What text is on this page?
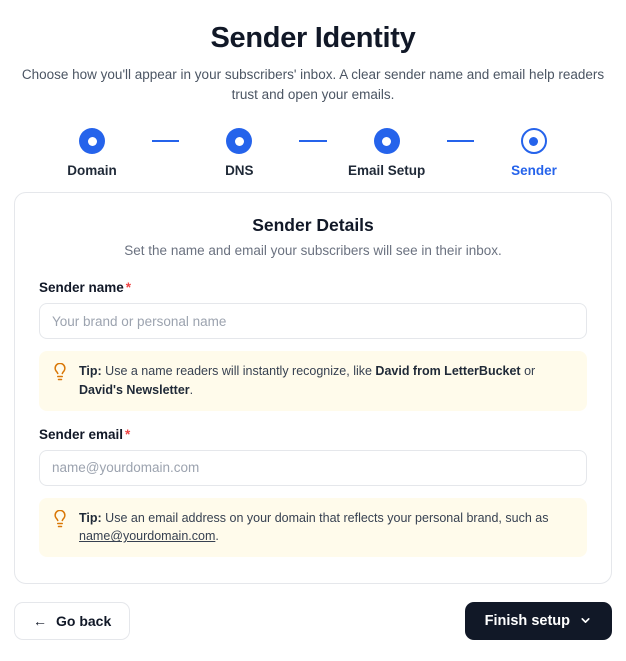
Sender Identity

Choose how you'll appear in your subscribers' inbox. A clear sender name and email help readers trust and open your emails.

Domain	DNS	Email Setup	Sender
Sender Details
Set the name and email your subscribers will see in their inbox.
Sender name *
Your brand or personal name
Tip: Use a name readers will instantly recognize, like David from LetterBucket or David's Newsletter.
Sender email *
name@yourdomain.com
Tip: Use an email address on your domain that reflects your personal brand, such as name@yourdomain.com.
← Go back	Finish setup
